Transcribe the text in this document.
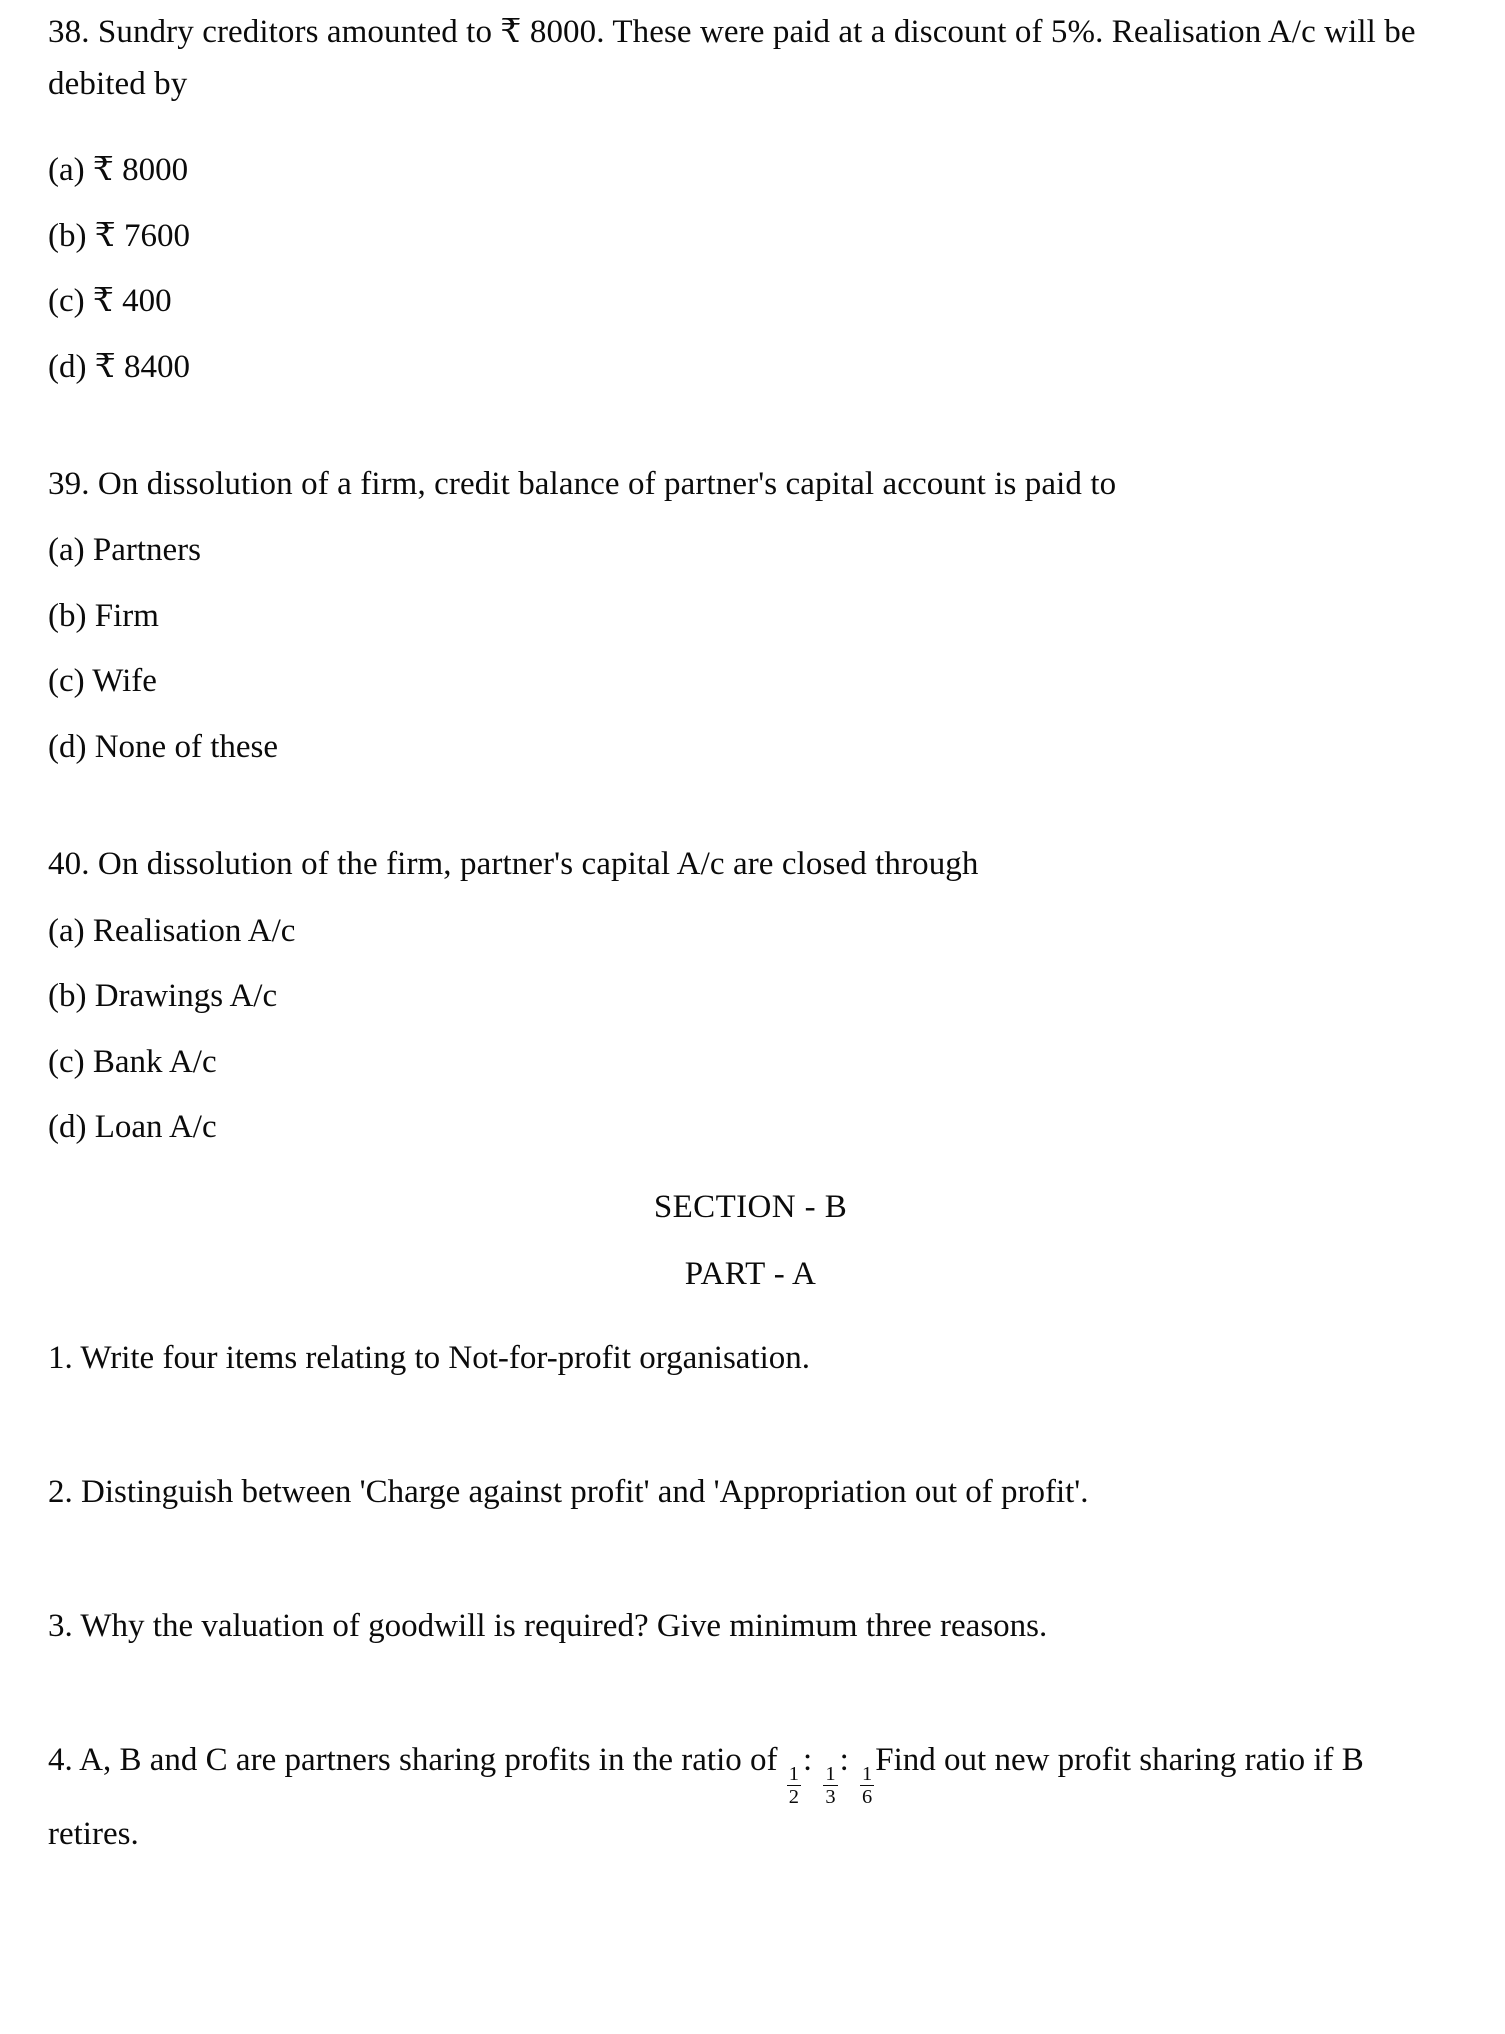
38. Sundry creditors amounted to ₹ 8000. These were paid at a discount of 5%. Realisation A/c will be debited by

(a) ₹ 8000

(b) ₹ 7600

(c) ₹ 400

(d) ₹ 8400

39. On dissolution of a firm, credit balance of partner's capital account is paid to

(a) Partners

(b) Firm

(c) Wife

(d) None of these

40. On dissolution of the firm, partner's capital A/c are closed through

(a) Realisation A/c

(b) Drawings A/c

(c) Bank A/c

(d) Loan A/c

SECTION - B

PART - A

1. Write four items relating to Not-for-profit organisation.

2. Distinguish between 'Charge against profit' and 'Appropriation out of profit'.

3. Why the valuation of goodwill is required? Give minimum three reasons.

4. A, B and C are partners sharing profits in the ratio of
$\frac{1}{2}$
:
$\frac{1}{3}$
:
$\frac{1}{6}$
Find out new profit sharing ratio if B retires.
